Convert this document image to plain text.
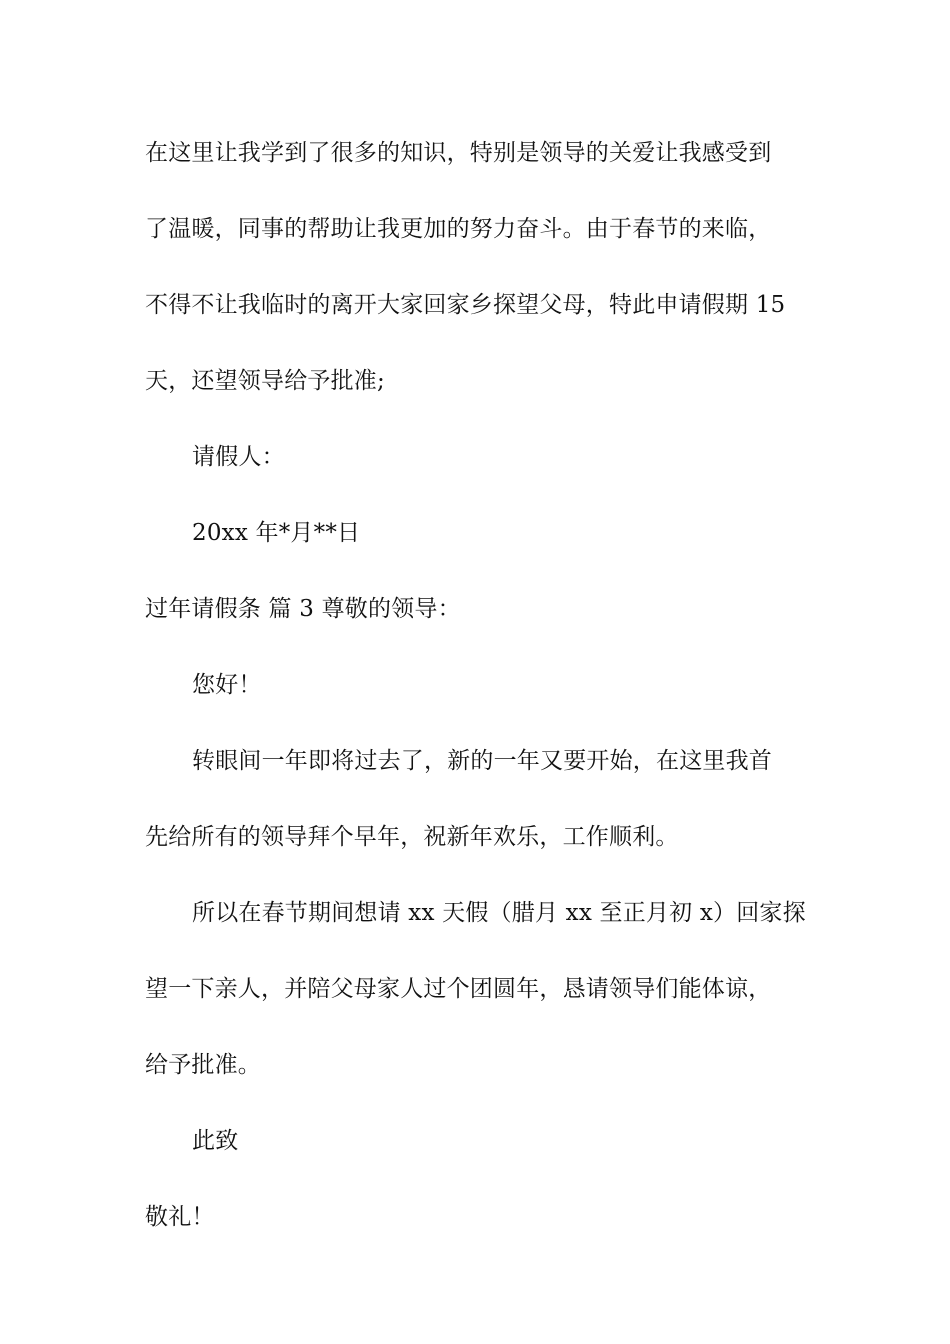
在这里让我学到了很多的知识，特别是领导的关爱让我感受到
了温暖，同事的帮助让我更加的努力奋斗。由于春节的来临，
不得不让我临时的离开大家回家乡探望父母，特此申请假期 15
天，还望领导给予批准;
请假人：
20xx 年*月**日
过年请假条 篇 3 尊敬的领导：
您好！
转眼间一年即将过去了，新的一年又要开始，在这里我首
先给所有的领导拜个早年，祝新年欢乐，工作顺利。
所以在春节期间想请 xx 天假（腊月 xx 至正月初 x）回家探
望一下亲人，并陪父母家人过个团圆年，恳请领导们能体谅，
给予批准。
此致
敬礼！
